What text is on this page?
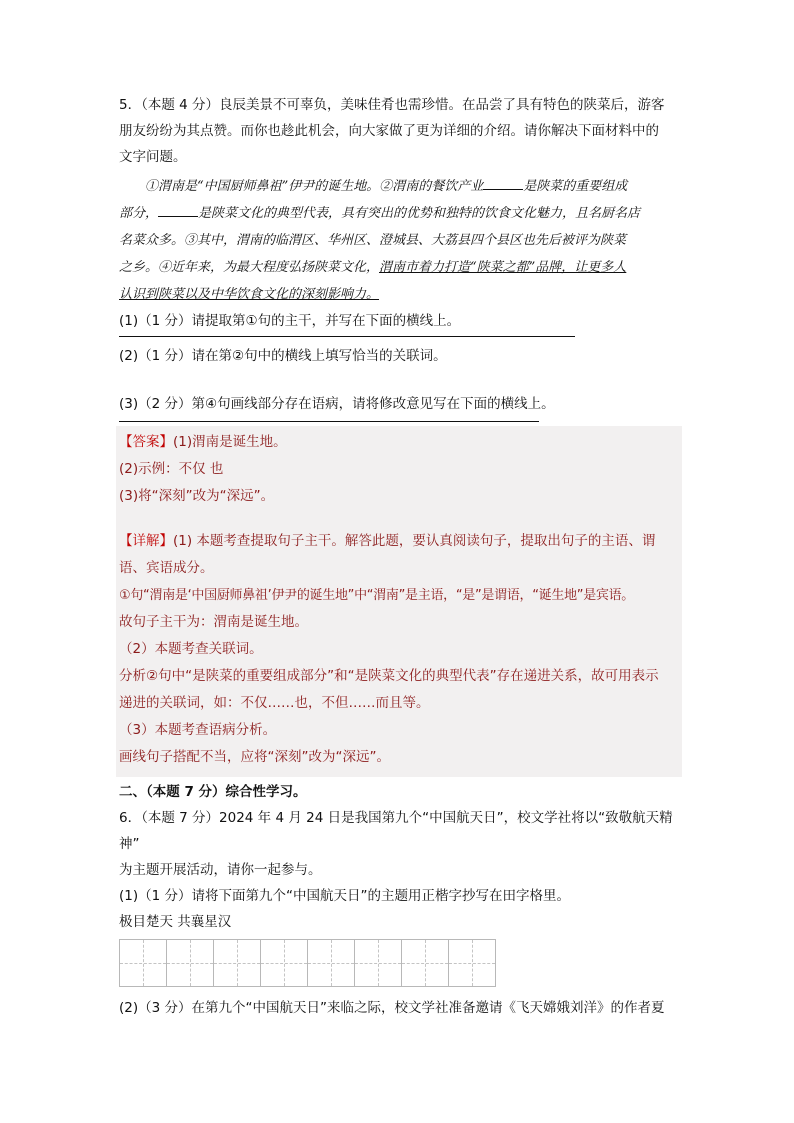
5．（本题 4 分）良辰美景不可辜负，美味佳肴也需珍惜。在品尝了具有特色的陕菜后，游客

朋友纷纷为其点赞。而你也趁此机会，向大家做了更为详细的介绍。请你解决下面材料中的

文字问题。

①渭南是“中国厨师鼻祖”伊尹的诞生地。②渭南的餐饮产业	是陕菜的重要组成

部分，	是陕菜文化的典型代表，具有突出的优势和独特的饮食文化魅力，且名厨名店

名菜众多。③其中，渭南的临渭区、华州区、澄城县、大荔县四个县区也先后被评为陕菜

之乡。④近年来，为最大程度弘扬陕菜文化，渭南市着力打造“陕菜之都”品牌，让更多人

认识到陕菜以及中华饮食文化的深刻影响力。

(1)（1 分）请提取第①句的主干，并写在下面的横线上。

(2)（1 分）请在第②句中的横线上填写恰当的关联词。

(3)（2 分）第④句画线部分存在语病，请将修改意见写在下面的横线上。

【答案】(1)渭南是诞生地。

(2)示例：不仅 也

(3)将“深刻”改为“深远”。

【详解】(1) 本题考查提取句子主干。解答此题，要认真阅读句子，提取出句子的主语、谓

语、宾语成分。

①句“渭南是‘中国厨师鼻祖’伊尹的诞生地”中“渭南”是主语，“是”是谓语，“诞生地”是宾语。

故句子主干为：渭南是诞生地。

（2）本题考查关联词。

分析②句中“是陕菜的重要组成部分”和“是陕菜文化的典型代表”存在递进关系，故可用表示

递进的关联词，如：不仅……也，不但……而且等。

（3）本题考查语病分析。

画线句子搭配不当，应将“深刻”改为“深远”。

二、（本题 7 分）综合性学习。

6．（本题 7 分）2024 年 4 月 24 日是我国第九个“中国航天日”，校文学社将以“致敬航天精神”

为主题开展活动，请你一起参与。

(1)（1 分）请将下面第九个“中国航天日”的主题用正楷字抄写在田字格里。

极目楚天 共襄星汉

(2)（3 分）在第九个“中国航天日”来临之际，校文学社准备邀请《飞天嫦娥刘洋》的作者夏
